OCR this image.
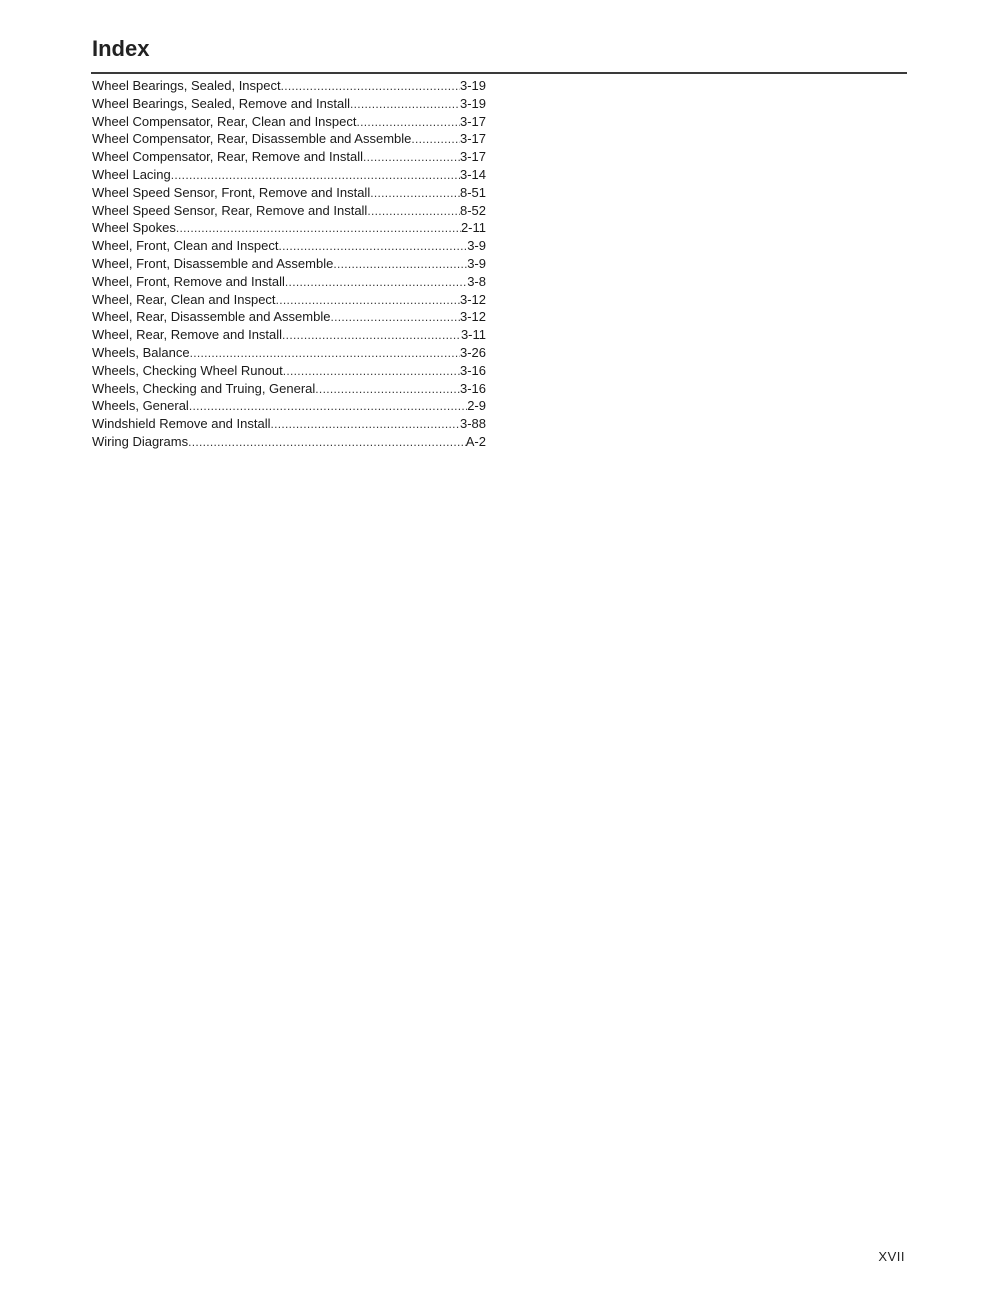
Index
Wheel Bearings, Sealed, Inspect .....	3-19
Wheel Bearings, Sealed, Remove and Install .....	3-19
Wheel Compensator, Rear, Clean and Inspect .....	3-17
Wheel Compensator, Rear, Disassemble and Assemble .....	3-17
Wheel Compensator, Rear, Remove and Install .....	3-17
Wheel Lacing .....	3-14
Wheel Speed Sensor, Front, Remove and Install .....	8-51
Wheel Speed Sensor, Rear, Remove and Install .....	8-52
Wheel Spokes .....	2-11
Wheel, Front, Clean and Inspect .....	3-9
Wheel, Front, Disassemble and Assemble .....	3-9
Wheel, Front, Remove and Install .....	3-8
Wheel, Rear, Clean and Inspect .....	3-12
Wheel, Rear, Disassemble and Assemble .....	3-12
Wheel, Rear, Remove and Install .....	3-11
Wheels, Balance .....	3-26
Wheels, Checking Wheel Runout .....	3-16
Wheels, Checking and Truing, General .....	3-16
Wheels, General .....	2-9
Windshield Remove and Install .....	3-88
Wiring Diagrams .....	A-2
XVII
